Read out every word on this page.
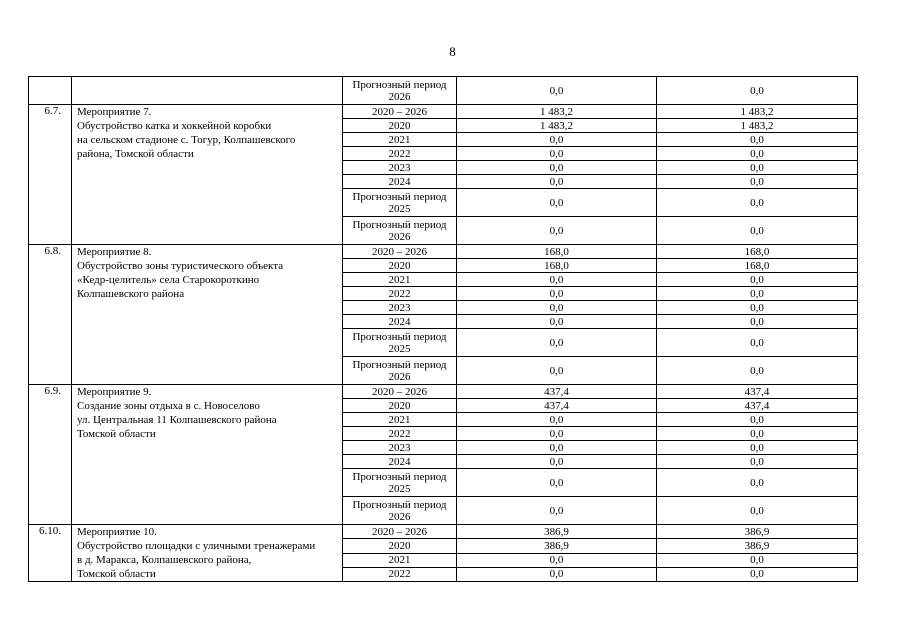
8

		Прогнозный период
2026	0,0	0,0
6.7.	Мероприятие 7.
Обустройство катка и хоккейной коробки
на сельском стадионе с. Тогур, Колпашевского
района, Томской области	2020 – 2026	1 483,2	1 483,2

		2020	1 483,2	1 483,2

		2021	0,0	0,0

		2022	0,0	0,0

		2023	0,0	0,0

		2024	0,0	0,0

		Прогнозный период
2025	0,0	0,0

		Прогнозный период
2026	0,0	0,0
6.8.	Мероприятие 8.
Обустройство зоны туристического объекта
«Кедр-целитель» села Старокороткино
Колпашевского района	2020 – 2026	168,0	168,0

		2020	168,0	168,0

		2021	0,0	0,0

		2022	0,0	0,0

		2023	0,0	0,0

		2024	0,0	0,0

		Прогнозный период
2025	0,0	0,0

		Прогнозный период
2026	0,0	0,0
6.9.	Мероприятие 9.
Создание зоны отдыха в с. Новоселово
ул. Центральная 11 Колпашевского района
Томской области	2020 – 2026	437,4	437,4

		2020	437,4	437,4

		2021	0,0	0,0

		2022	0,0	0,0

		2023	0,0	0,0

		2024	0,0	0,0

		Прогнозный период
2025	0,0	0,0

		Прогнозный период
2026	0,0	0,0
6.10.	Мероприятие 10.
Обустройство площадки с уличными тренажерами
в д. Маракса, Колпашевского района,
Томской области	2020 – 2026	386,9	386,9

		2020	386,9	386,9

		2021	0,0	0,0

		2022	0,0	0,0
